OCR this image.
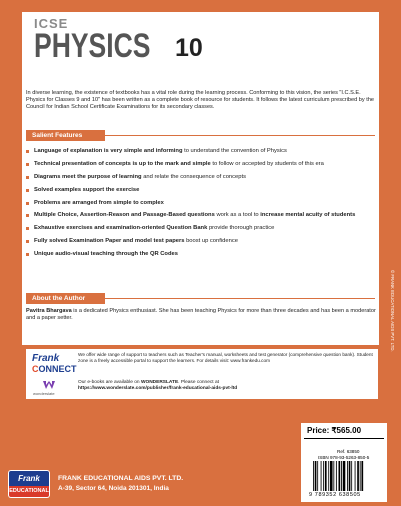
ICSE
PHYSICS 10

In diverse learning, the existence of textbooks has a vital role during the learning process. Conforming to this vision, the series "I.C.S.E. Physics for Classes 9 and 10" has been written as a complete book of resource for students. It follows the latest curriculum prescribed by the Council for Indian School Certificate Examinations for its secondary classes.

Salient Features
Language of explanation is very simple and informing to understand the convention of Physics
Technical presentation of concepts is up to the mark and simple to follow or accepted by students of this era
Diagrams meet the purpose of learning and relate the consequence of concepts
Solved examples support the exercise
Problems are arranged from simple to complex
Multiple Choice, Assertion-Reason and Passage-Based questions work as a tool to increase mental acuity of students
Exhaustive exercises and examination-oriented Question Bank provide thorough practice
Fully solved Examination Paper and model test papers boost up confidence
Unique audio-visual teaching through the QR Codes
About the Author

Pavitra Bhargava is a dedicated Physics enthusiast. She has been teaching Physics for more than three decades and has been a moderator and a paper setter.	© FRANK EDUCATIONAL AIDS PVT. LTD.
Frank
CONNECT
wonderslate

We offer wide range of support to teachers such as Teacher's manual, worksheets and test generator (comprehensive question bank). Student zone is a freely accessible portal to support the learners. For details visit: www.frankedu.com

Our e-books are available on WONDERSLATE. Please connect at
https://www.wonderslate.com/publisher/frank-educational-aids-pvt-ltd

Frank
EDUCATIONAL
FRANK EDUCATIONAL AIDS PVT. LTD.
A-39, Sector 64, Noida 201301, India
Price: ₹565.00
Ref. 63850
ISBN 978-93-5263-850-5
9 789352 638505
